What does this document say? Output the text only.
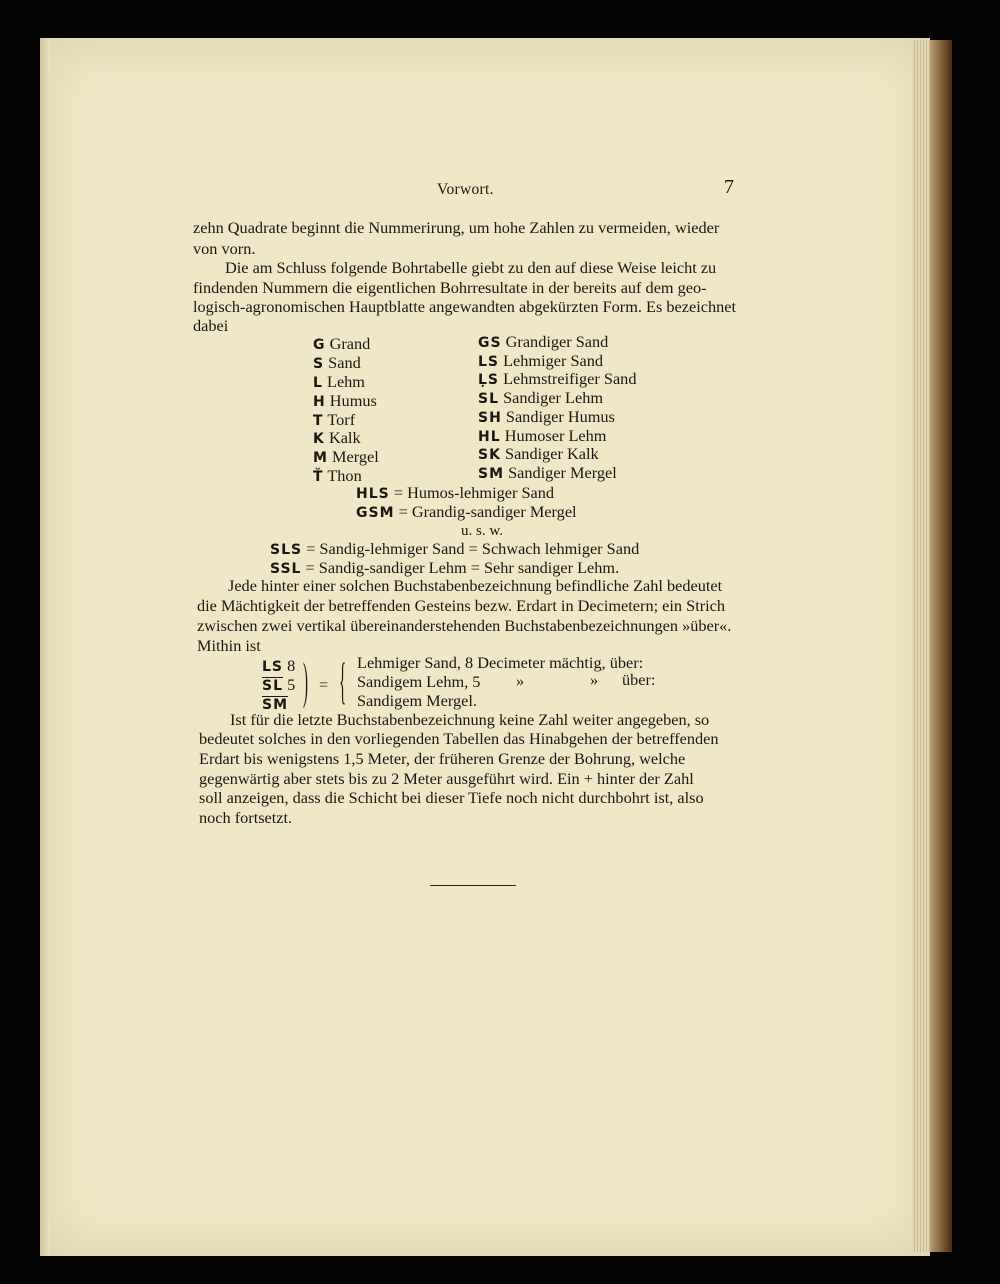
Vorwort.	7
zehn Quadrate beginnt die Nummerirung, um hohe Zahlen zu vermeiden, wieder
von vorn.
Die am Schluss folgende Bohrtabelle giebt zu den auf diese Weise leicht zu
findenden Nummern die eigentlichen Bohrresultate in der bereits auf dem geo-
logisch-agronomischen Hauptblatte angewandten abgekürzten Form. Es bezeichnet
dabei
G Grand
S Sand
L Lehm
H Humus
T Torf
K Kalk
M Mergel
Ť Thon
GS Grandiger Sand
LS Lehmiger Sand
ĻS Lehmstreifiger Sand
SL Sandiger Lehm
SH Sandiger Humus
HL Humoser Lehm
SK Sandiger Kalk
SM Sandiger Mergel
HLS = Humos-lehmiger Sand
GSM = Grandig-sandiger Mergel
u. s. w.
SLS = Sandig-lehmiger Sand = Schwach lehmiger Sand
SSL = Sandig-sandiger Lehm = Sehr sandiger Lehm.
Jede hinter einer solchen Buchstabenbezeichnung befindliche Zahl bedeutet
die Mächtigkeit der betreffenden Gesteins bezw. Erdart in Decimetern; ein Strich
zwischen zwei vertikal übereinanderstehenden Buchstabenbezeichnungen »über«.
Mithin ist
LS 8
SL 5
SM ) = { Lehmiger Sand, 8 Decimeter mächtig, über:
Sandigem Lehm, 5 »	» über:
Sandigem Mergel.
Ist für die letzte Buchstabenbezeichnung keine Zahl weiter angegeben, so
bedeutet solches in den vorliegenden Tabellen das Hinabgehen der betreffenden
Erdart bis wenigstens 1,5 Meter, der früheren Grenze der Bohrung, welche
gegenwärtig aber stets bis zu 2 Meter ausgeführt wird. Ein + hinter der Zahl
soll anzeigen, dass die Schicht bei dieser Tiefe noch nicht durchbohrt ist, also
noch fortsetzt.
